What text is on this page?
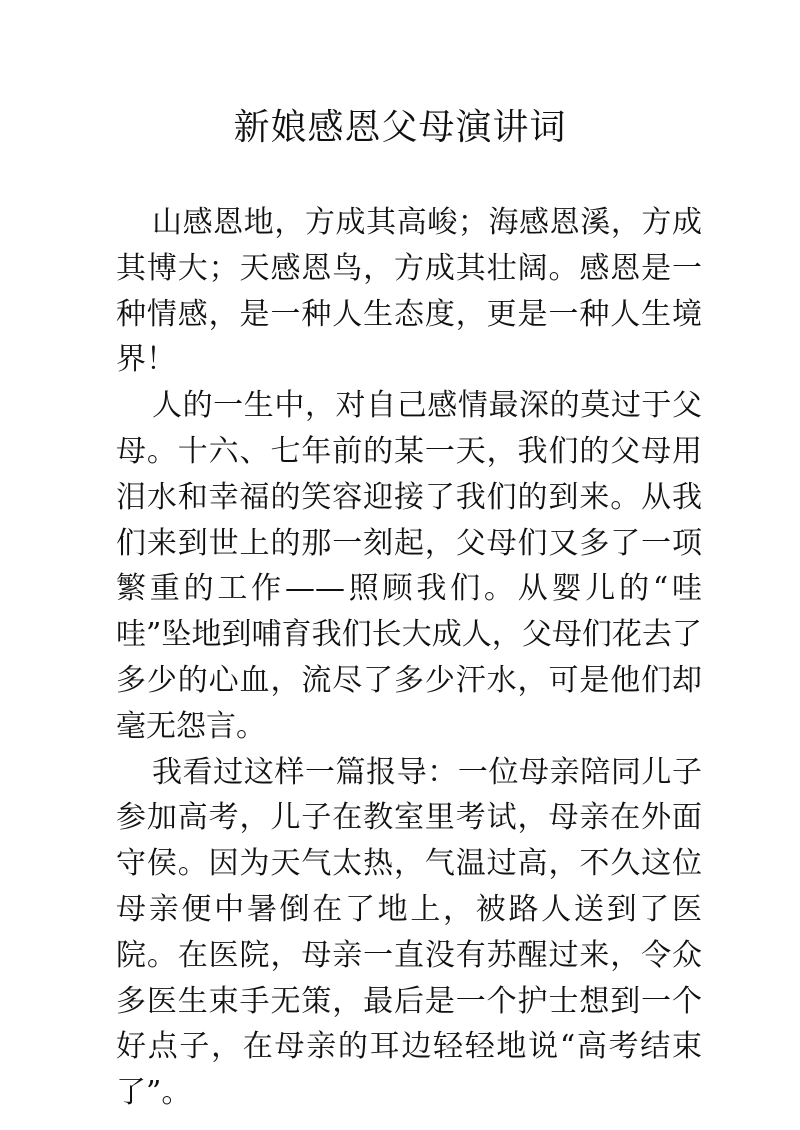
新娘感恩父母演讲词

山感恩地，方成其高峻；海感恩溪，方成其博大；天感恩鸟，方成其壮阔。感恩是一种情感，是一种人生态度，更是一种人生境界！

人的一生中，对自己感情最深的莫过于父母。十六、七年前的某一天，我们的父母用泪水和幸福的笑容迎接了我们的到来。从我们来到世上的那一刻起，父母们又多了一项繁重的工作——照顾我们。从婴儿的“哇哇”坠地到哺育我们长大成人，父母们花去了多少的心血，流尽了多少汗水，可是他们却毫无怨言。

我看过这样一篇报导：一位母亲陪同儿子参加高考，儿子在教室里考试，母亲在外面守侯。因为天气太热，气温过高，不久这位母亲便中暑倒在了地上，被路人送到了医院。在医院，母亲一直没有苏醒过来，令众多医生束手无策，最后是一个护士想到一个好点子，在母亲的耳边轻轻地说“高考结束了”。
